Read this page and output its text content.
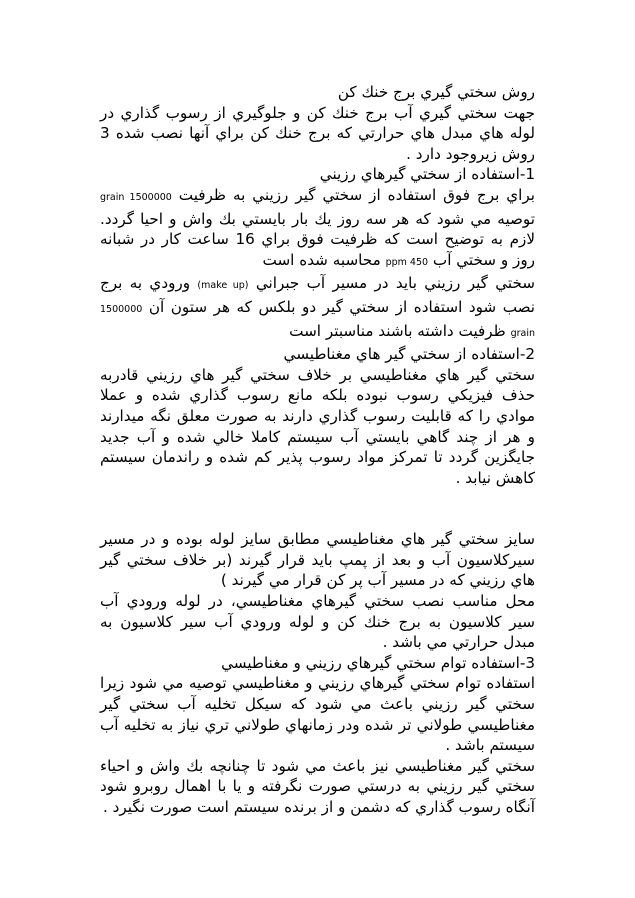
روش سختي گيري برج خنك كن

جهت سختي گيري آب برج خنك كن و جلوگيري از رسوب گذاري در لوله هاي مبدل هاي حرارتي كه برج خنك كن براي آنها نصب شده 3 روش زيروجود دارد .

1-استفاده از سختي گيرهاي رزيني

براي برج فوق استفاده از سختي گير رزيني به ظرفيت 1500000 grain توصيه مي شود كه هر سه روز يك بار بايستي بك واش و احيا گردد. لازم به توضيح است كه ظرفيت فوق براي 16 ساعت كار در شبانه روز و سختي آب 450 ppm محاسبه شده است

سختي گير رزيني بايد در مسير آب جبراني (make up) ورودي به برج نصب شود استفاده از سختي گير دو بلكس كه هر ستون آن 1500000 grain ظرفيت داشته باشند مناسبتر است

2-استفاده از سختي گير هاي مغناطيسي

سختي گير هاي مغناطيسي بر خلاف سختي گير هاي رزيني قادربه حذف فيزيكي رسوب نبوده بلكه مانع رسوب گذاري شده و عملا موادي را كه قابليت رسوب گذاري دارند به صورت معلق نگه ميدارند و هر از چند گاهي بايستي آب سيستم كاملا خالي شده و آب جديد جايگزين گردد تا تمركز مواد رسوب پذير كم شده و راندمان سيستم كاهش نيابد .

سايز سختي گير هاي مغناطيسي مطابق سايز لوله بوده و در مسير سيركلاسيون آب و بعد از پمپ بايد قرار گيرند (بر خلاف سختي گير هاي رزيني كه در مسير آب پر كن قرار مي گيرند )

محل مناسب نصب سختي گيرهاي مغناطيسي، در لوله ورودي آب سير كلاسيون به برج خنك كن و لوله ورودي آب سير كلاسيون به مبدل حرارتي مي باشد .

3-استفاده توام سختي گيرهاي رزيني و مغناطيسي

استفاده توام سختي گيرهاي رزيني و مغناطيسي توصيه مي شود زيرا سختي گير رزيني باعث مي شود كه سيكل تخليه آب سختي گير مغناطيسي طولاني تر شده ودر زمانهاي طولاني تري نياز به تخليه آب سيستم باشد .

سختي گير مغناطيسي نيز باعث مي شود تا چنانچه بك واش و احياء سختي گير رزيني به درستي صورت نگرفته و يا با اهمال روبرو شود آنگاه رسوب گذاري كه دشمن و از برنده سيستم است صورت نگيرد .
